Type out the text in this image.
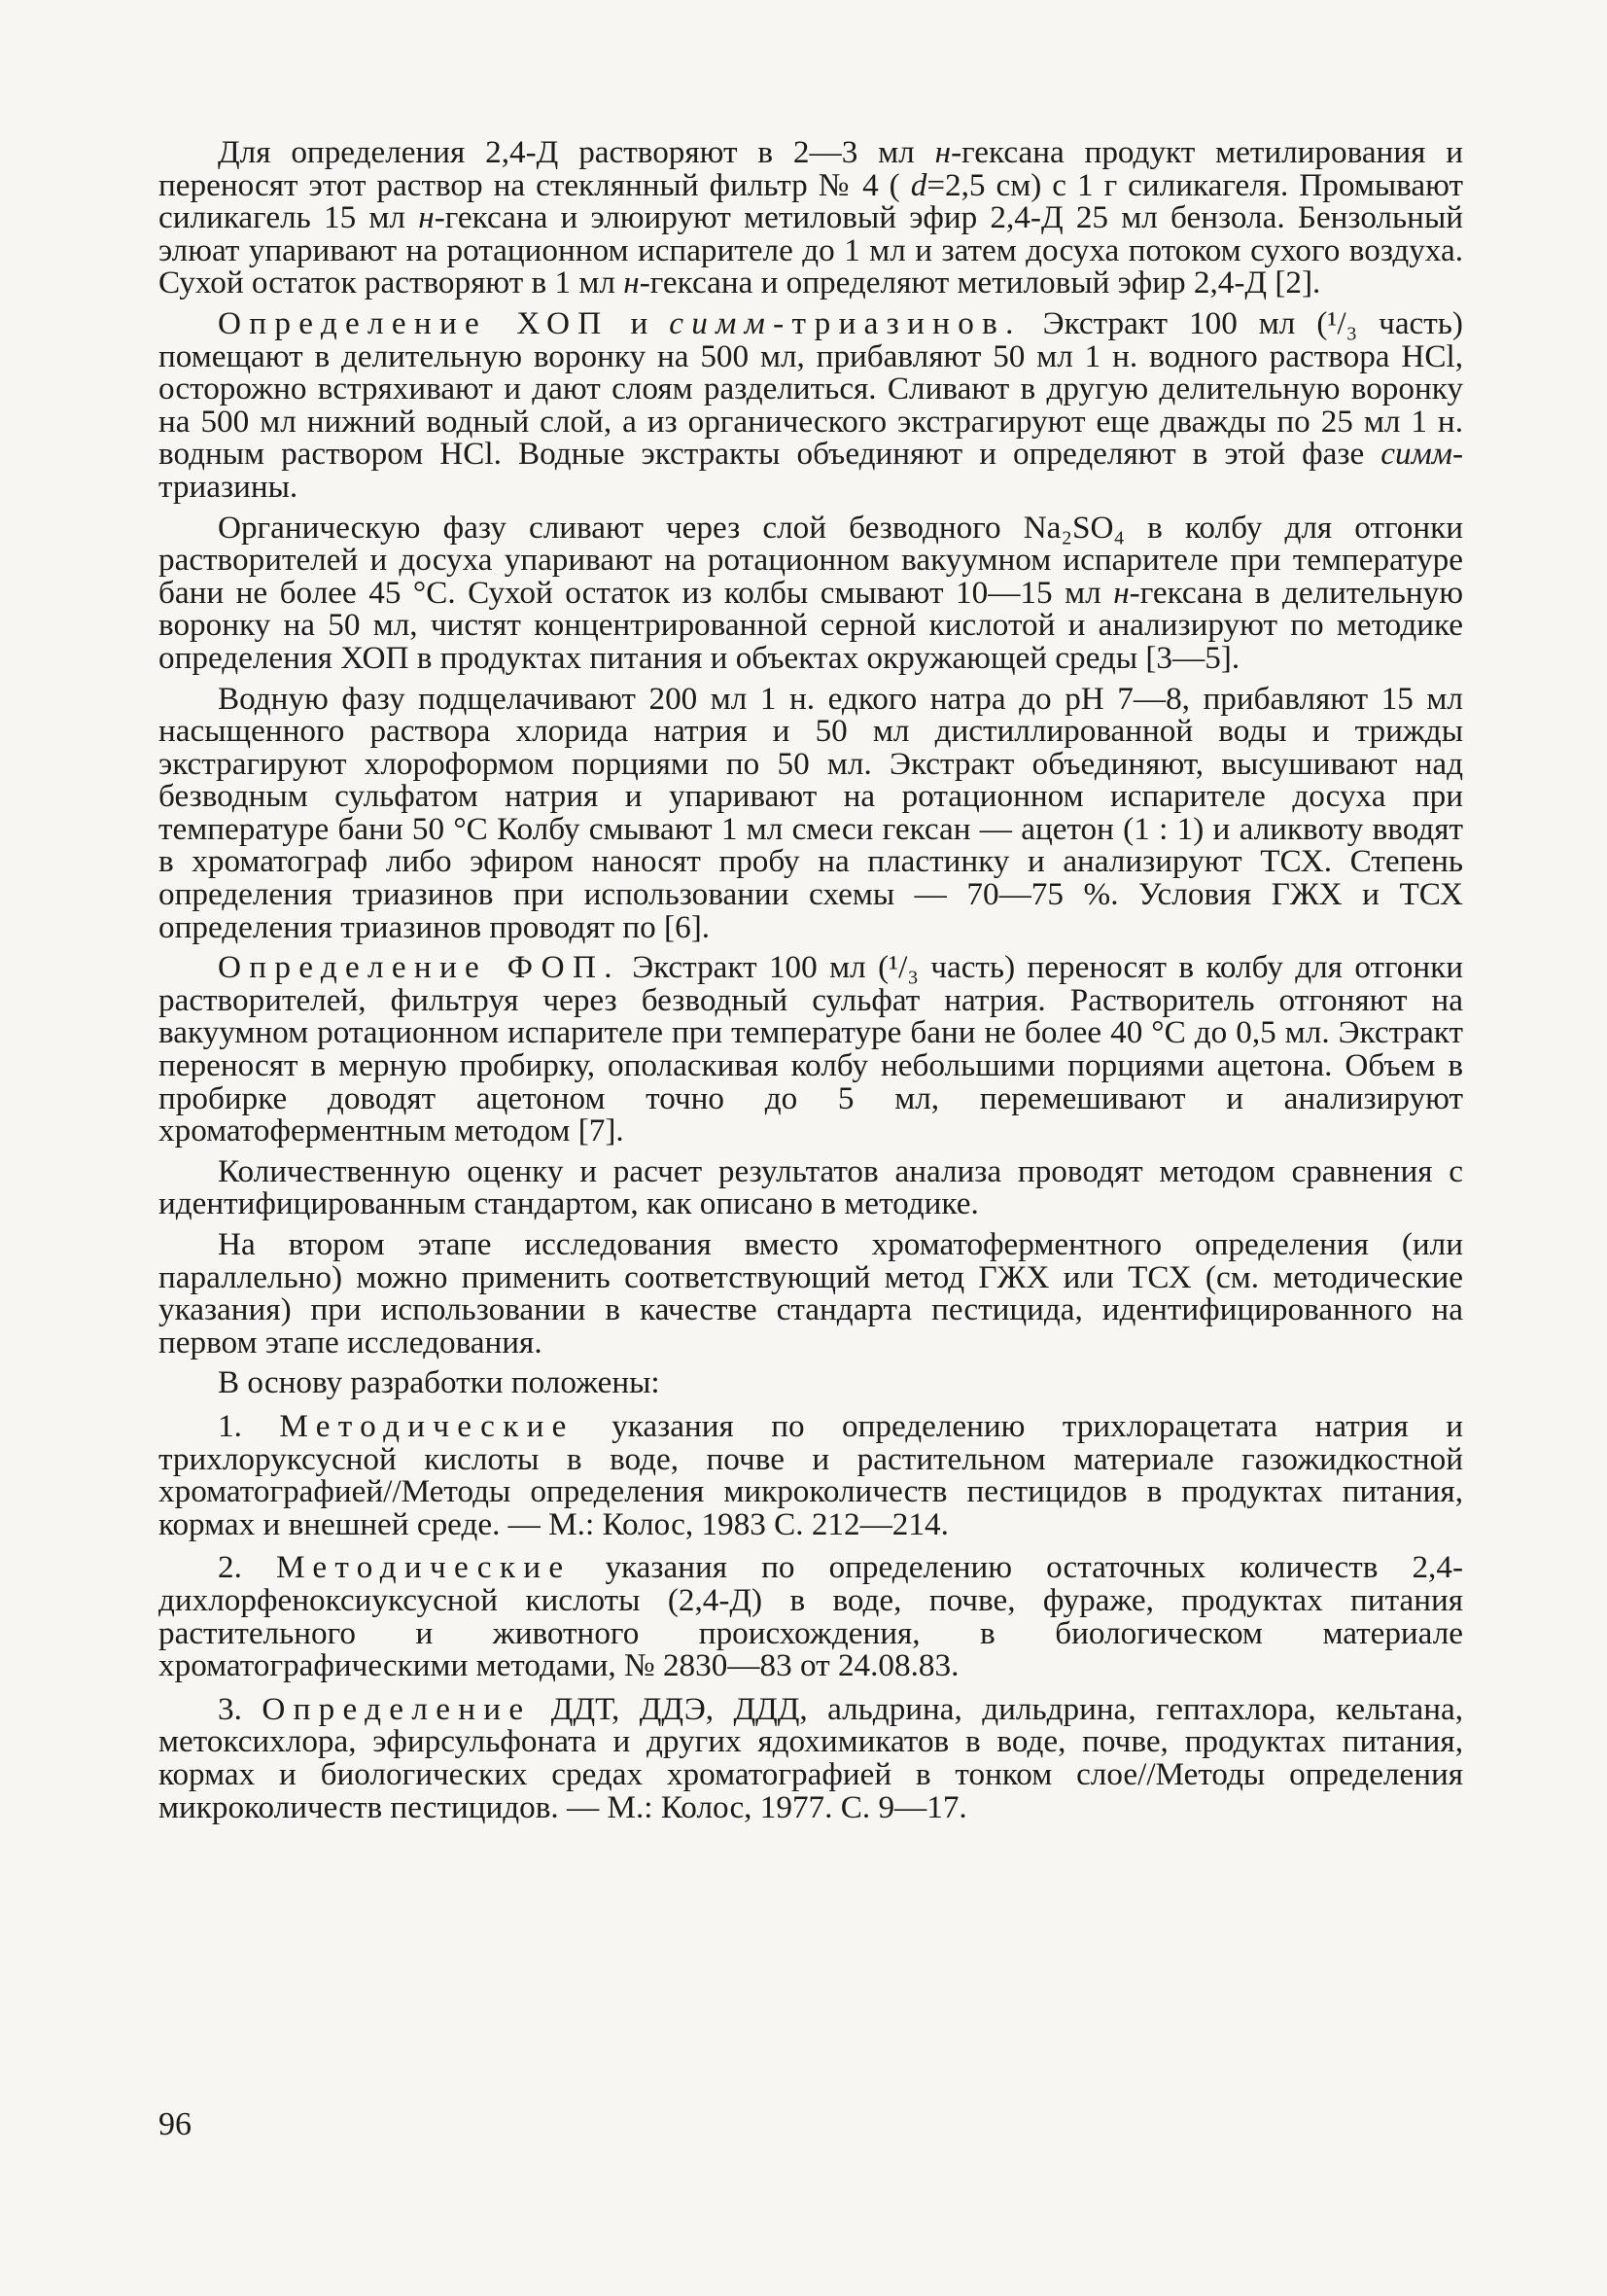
Для определения 2,4-Д растворяют в 2—3 мл н-гексана продукт метилирования и переносят этот раствор на стеклянный фильтр № 4 ( d=2,5 см) с 1 г силикагеля. Промывают силикагель 15 мл н-гексана и элюируют метиловый эфир 2,4-Д 25 мл бензола. Бензольный элюат упаривают на ротационном испарителе до 1 мл и затем досуха потоком сухого воздуха. Сухой остаток растворяют в 1 мл н-гексана и определяют метиловый эфир 2,4-Д [2].

Определение ХОП и симм-триазинов. Экстракт 100 мл (¹/₃ часть) помещают в делительную воронку на 500 мл, прибавляют 50 мл 1 н. водного раствора HCl, осторожно встряхивают и дают слоям разделиться. Сливают в другую делительную воронку на 500 мл нижний водный слой, а из органического экстрагируют еще дважды по 25 мл 1 н. водным раствором HCl. Водные экстракты объединяют и определяют в этой фазе симм-триазины.

Органическую фазу сливают через слой безводного Na₂SO₄ в колбу для отгонки растворителей и досуха упаривают на ротационном вакуумном испарителе при температуре бани не более 45 °С. Сухой остаток из колбы смывают 10—15 мл н-гексана в делительную воронку на 50 мл, чистят концентрированной серной кислотой и анализируют по методике определения ХОП в продуктах питания и объектах окружающей среды [3—5].

Водную фазу подщелачивают 200 мл 1 н. едкого натра до рН 7—8, прибавляют 15 мл насыщенного раствора хлорида натрия и 50 мл дистиллированной воды и трижды экстрагируют хлороформом порциями по 50 мл. Экстракт объединяют, высушивают над безводным сульфатом натрия и упаривают на ротационном испарителе досуха при температуре бани 50 °С Колбу смывают 1 мл смеси гексан — ацетон (1 : 1) и аликвоту вводят в хроматограф либо эфиром наносят пробу на пластинку и анализируют ТСХ. Степень определения триазинов при использовании схемы — 70—75 %. Условия ГЖХ и ТСХ определения триазинов проводят по [6].

Определение ФОП. Экстракт 100 мл (¹/₃ часть) переносят в колбу для отгонки растворителей, фильтруя через безводный сульфат натрия. Растворитель отгоняют на вакуумном ротационном испарителе при температуре бани не более 40 °С до 0,5 мл. Экстракт переносят в мерную пробирку, ополаскивая колбу небольшими порциями ацетона. Объем в пробирке доводят ацетоном точно до 5 мл, перемешивают и анализируют хроматоферментным методом [7].

Количественную оценку и расчет результатов анализа проводят методом сравнения с идентифицированным стандартом, как описано в методике.

На втором этапе исследования вместо хроматоферментного определения (или параллельно) можно применить соответствующий метод ГЖХ или ТСХ (см. методические указания) при использовании в качестве стандарта пестицида, идентифицированного на первом этапе исследования.

В основу разработки положены:

1. Методические указания по определению трихлорацетата натрия и трихлоруксусной кислоты в воде, почве и растительном материале газожидкостной хроматографией//Методы определения микроколичеств пестицидов в продуктах питания, кормах и внешней среде. — М.: Колос, 1983 С. 212—214.

2. Методические указания по определению остаточных количеств 2,4-дихлорфеноксиуксусной кислоты (2,4-Д) в воде, почве, фураже, продуктах питания растительного и животного происхождения, в биологическом материале хроматографическими методами, № 2830—83 от 24.08.83.

3. Определение ДДТ, ДДЭ, ДДД, альдрина, дильдрина, гептахлора, кельтана, метоксихлора, эфирсульфоната и других ядохимикатов в воде, почве, продуктах питания, кормах и биологических средах хроматографией в тонком слое//Методы определения микроколичеств пестицидов. — М.: Колос, 1977. С. 9—17.

96
